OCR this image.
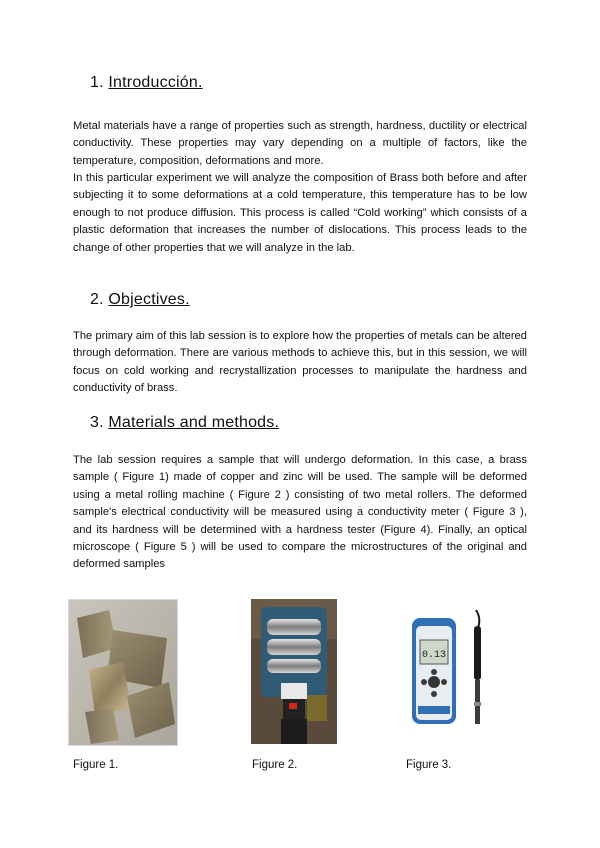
1. Introducción.

Metal materials have a range of properties such as strength, hardness, ductility or electrical conductivity. These properties may vary depending on a multiple of factors, like the temperature, composition, deformations and more.

In this particular experiment we will analyze the composition of Brass both before and after subjecting it to some deformations at a cold temperature, this temperature has to be low enough to not produce diffusion. This process is called “Cold working” which consists of a plastic deformation that increases the number of dislocations. This process leads to the change of other properties that we will analyze in the lab.

2. Objectives.

The primary aim of this lab session is to explore how the properties of metals can be altered through deformation. There are various methods to achieve this, but in this session, we will focus on cold working and recrystallization processes to manipulate the hardness and conductivity of brass.

3. Materials and methods.

The lab session requires a sample that will undergo deformation. In this case, a brass sample ( Figure 1) made of copper and zinc will be used. The sample will be deformed using a metal rolling machine ( Figure 2 ) consisting of two metal rollers. The deformed sample's electrical conductivity will be measured using a conductivity meter ( Figure 3 ), and its hardness will be determined with a hardness tester (Figure 4). Finally, an optical microscope ( Figure 5 ) will be used to compare the microstructures of the original and deformed samples

0.13
Figure 1.	Figure 2.	Figure 3.
